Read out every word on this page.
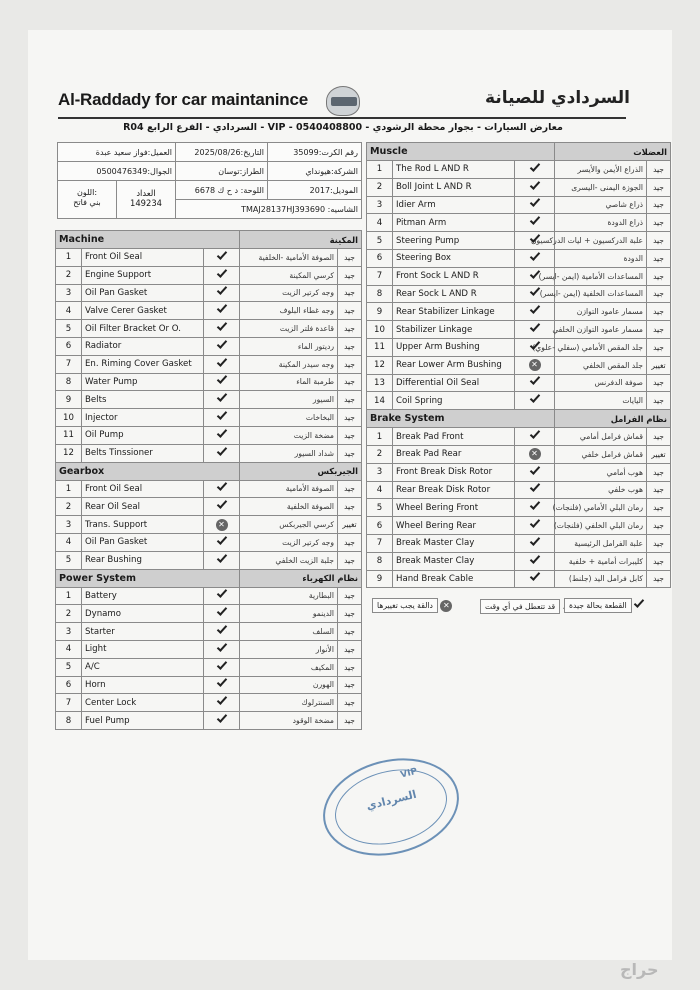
Al-Raddady for car maintanince	السردادي للصيانة
R04 السردادي - الفرع الرابع - VIP - معارض السيارات - بجوار محطة الرشودي - 0540408800
العميل:فواز سعيد عبدة	التاريخ:2025/08/26	رقم الكرت:35099
الجوال:0500476349	الطراز:توسان	الشركة:هيونداي

اللون:
بني فاتح
العداد
149234	اللوحة: د ح ك 6678	الموديل:2017
	TMAJ28137HJ393690 :الشاسيه	
Machine			المكينة	
1	Front Oil Seal		الصوفة الأمامية -الخلفية	جيد
2	Engine Support		كرسي المكينة	جيد
3	Oil Pan Gasket		وجه كرتير الزيت	جيد
4	Valve Cerer Gasket		وجه غطاء البلوف	جيد
5	Oil Filter Bracket Or O.		قاعدة فلتر الزيت	جيد
6	Radiator		رديتور الماء	جيد
7	En. Riming Cover Gasket		وجه سيدر المكينة	جيد
8	Water Pump		طرمبة الماء	جيد
9	Belts		السيور	جيد
10	Injector		البخاخات	جيد
11	Oil Pump		مضخة الزيت	جيد
12	Belts Tinssioner		شداد السيور	جيد
Gearbox			الجيربكس	
1	Front Oil Seal		الصوفة الأمامية	جيد
2	Rear Oil Seal		الصوفة الخلفية	جيد
3	Trans. Support	✕	كرسي الجيربكس	تغيير
4	Oil Pan Gasket		وجه كرتير الزيت	جيد
5	Rear Bushing		جلبة الزيت الخلفي	جيد
Power System			نظام الكهرباء	
1	Battery		البطارية	جيد
2	Dynamo		الدينمو	جيد
3	Starter		السلف	جيد
4	Light		الأنوار	جيد
5	A/C		المكيف	جيد
6	Horn		الهورن	جيد
7	Center Lock		السنترلوك	جيد
8	Fuel Pump		مضخة الوقود	جيد
Muscle			العضلات	
1	The Rod L AND R		الذراع الأيمن والأيسر	جيد
2	Boll Joint L AND R		الجوزة اليمنى -اليسرى	جيد
3	Idier Arm		ذراع شاصي	جيد
4	Pitman Arm		ذراع الدودة	جيد
5	Steering Pump		علبة الدركسيون + ليات الدركسيون	جيد
6	Steering Box		الدودة	جيد
7	Front Sock L AND R		المساعدات الأمامية (ايمن -ايسر)	جيد
8	Rear Sock L AND R		المساعدات الخلفية (ايمن -ايسر)	جيد
9	Rear Stabilizer Linkage		مسمار عامود التوازن	جيد
10	Stabilizer Linkage		مسمار عامود التوازن الخلفي	جيد
11	Upper Arm Bushing		جلد المقص الأمامي (سفلي -علوي)	جيد
12	Rear Lower Arm Bushing	✕	جلد المقص الخلفي	تغيير
13	Differential Oil Seal		صوفة الدفرنس	جيد
14	Coil Spring		اليايات	جيد
Brake System			نظام الفرامل	
1	Break Pad Front		قماش فرامل أمامي	جيد
2	Break Pad Rear	✕	قماش فرامل خلفي	تغيير
3	Front Break Disk Rotor		هوب أمامي	جيد
4	Rear Break Disk Rotor		هوب خلفي	جيد
5	Wheel Bering Front		رمان البلي الأمامي (فلنجات)	جيد
6	Wheel Bering Rear		رمان البلي الخلفي (فلنجات)	جيد
7	Break Master Clay		علبة الفرامل الرئيسية	جيد
8	Break Master Clay		كليبرات أمامية + خلفية	جيد
9	Hand Break Cable		كابل فرامل اليد (جلنط)	جيد
✕ دالقة يجب تغييرها	قد تتعطل في أي وقت	القطعة بحالة جيدة
VIP
السردادي
حراج
